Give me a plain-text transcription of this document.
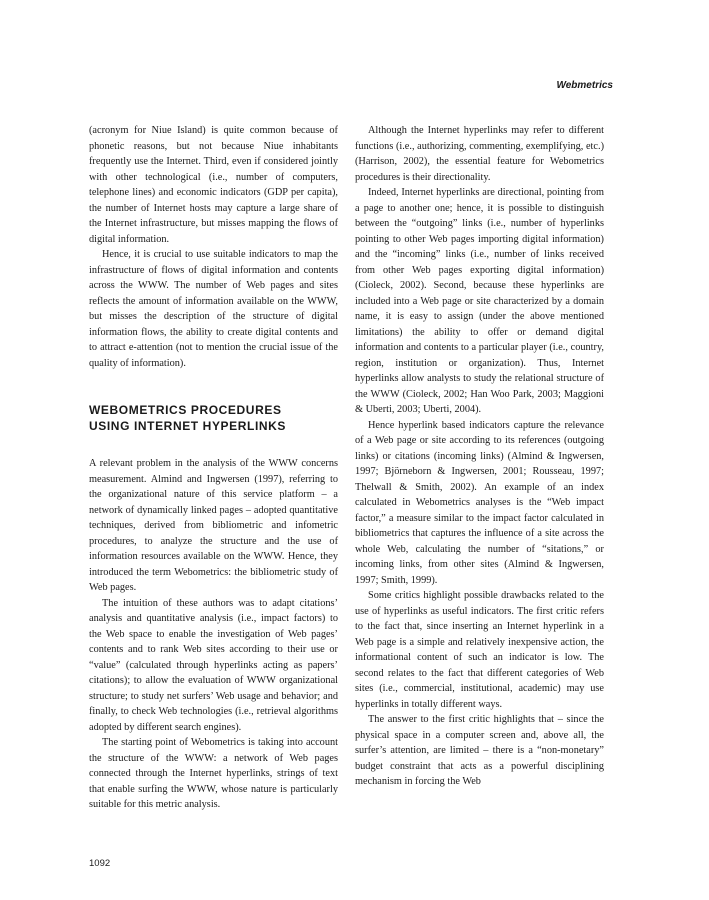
Webmetrics

(acronym for Niue Island) is quite common because of phonetic reasons, but not because Niue inhabitants frequently use the Internet. Third, even if considered jointly with other technological (i.e., number of computers, telephone lines) and economic indicators (GDP per capita), the number of Internet hosts may capture a large share of the Internet infrastructure, but misses mapping the flows of digital information.

Hence, it is crucial to use suitable indicators to map the infrastructure of flows of digital information and contents across the WWW. The number of Web pages and sites reflects the amount of information available on the WWW, but misses the description of the structure of digital information flows, the ability to create digital contents and to attract e-attention (not to mention the crucial issue of the quality of information).

WEBOMETRICS PROCEDURES
USING INTERNET HYPERLINKS

A relevant problem in the analysis of the WWW concerns measurement. Almind and Ingwersen (1997), referring to the organizational nature of this service platform – a network of dynamically linked pages – adopted quantitative techniques, derived from bibliometric and infometric procedures, to analyze the structure and the use of information resources available on the WWW. Hence, they introduced the term Webometrics: the bibliometric study of Web pages.

The intuition of these authors was to adapt citations’ analysis and quantitative analysis (i.e., impact factors) to the Web space to enable the investigation of Web pages’ contents and to rank Web sites according to their use or “value” (calculated through hyperlinks acting as papers’ citations); to allow the evaluation of WWW organizational structure; to study net surfers’ Web usage and behavior; and finally, to check Web technologies (i.e., retrieval algorithms adopted by different search engines).

The starting point of Webometrics is taking into account the structure of the WWW: a network of Web pages connected through the Internet hyperlinks, strings of text that enable surfing the WWW, whose nature is particularly suitable for this metric analysis.

Although the Internet hyperlinks may refer to different functions (i.e., authorizing, commenting, exemplifying, etc.) (Harrison, 2002), the essential feature for Webometrics procedures is their directionality.

Indeed, Internet hyperlinks are directional, pointing from a page to another one; hence, it is possible to distinguish between the “outgoing” links (i.e., number of hyperlinks pointing to other Web pages importing digital information) and the “incoming” links (i.e., number of links received from other Web pages exporting digital information) (Cioleck, 2002). Second, because these hyperlinks are included into a Web page or site characterized by a domain name, it is easy to assign (under the above mentioned limitations) the ability to offer or demand digital information and contents to a particular player (i.e., country, region, institution or organization). Thus, Internet hyperlinks allow analysts to study the relational structure of the WWW (Cioleck, 2002; Han Woo Park, 2003; Maggioni & Uberti, 2003; Uberti, 2004).

Hence hyperlink based indicators capture the relevance of a Web page or site according to its references (outgoing links) or citations (incoming links) (Almind & Ingwersen, 1997; Björneborn & Ingwersen, 2001; Rousseau, 1997; Thelwall & Smith, 2002). An example of an index calculated in Webometrics analyses is the “Web impact factor,” a measure similar to the impact factor calculated in bibliometrics that captures the influence of a site across the whole Web, calculating the number of “sitations,” or incoming links, from other sites (Almind & Ingwersen, 1997; Smith, 1999).

Some critics highlight possible drawbacks related to the use of hyperlinks as useful indicators. The first critic refers to the fact that, since inserting an Internet hyperlink in a Web page is a simple and relatively inexpensive action, the informational content of such an indicator is low. The second relates to the fact that different categories of Web sites (i.e., commercial, institutional, academic) may use hyperlinks in totally different ways.

The answer to the first critic highlights that – since the physical space in a computer screen and, above all, the surfer’s attention, are limited – there is a “non-monetary” budget constraint that acts as a powerful disciplining mechanism in forcing the Web

1092
